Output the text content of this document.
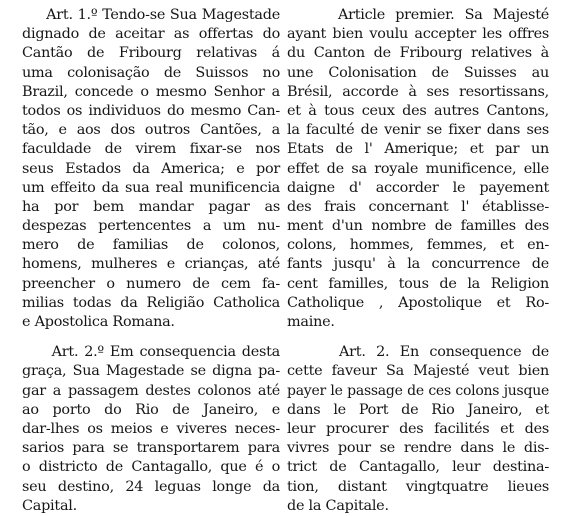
Art. 1.º Tendo-se Sua Magestade
dignado de aceitar as offertas do
Cantão de Fribourg relativas á
uma colonisação de Suissos no
Brazil, concede o mesmo Senhor a
todos os individuos do mesmo Can-
tão, e aos dos outros Cantões, a
faculdade de virem fixar-se nos
seus Estados da America; e por
um effeito da sua real munificencia
ha por bem mandar pagar as
despezas pertencentes a um nu-
mero de familias de colonos,
homens, mulheres e crianças, até
preencher o numero de cem fa-
milias todas da Religião Catholica
e Apostolica Romana.
Art. 2.º Em consequencia desta
graça, Sua Magestade se digna pa-
gar a passagem destes colonos até
ao porto do Rio de Janeiro, e
dar-lhes os meios e viveres neces-
sarios para se transportarem para
o districto de Cantagallo, que é o
seu destino, 24 leguas longe da
Capital.
Article premier. Sa Majesté
ayant bien voulu accepter les offres
du Canton de Fribourg relatives à
une Colonisation de Suisses au
Brésil, accorde à ses resortissans,
et à tous ceux des autres Cantons,
la faculté de venir se fixer dans ses
Etats de l' Amerique; et par un
effet de sa royale munificence, elle
daigne d' accorder le payement
des frais concernant l' établisse-
ment d'un nombre de familles des
colons, hommes, femmes, et en-
fants jusqu' à la concurrence de
cent familles, tous de la Religion
Catholique , Apostolique et Ro-
maine.
Art. 2. En consequence de
cette faveur Sa Majesté veut bien
payer le passage de ces colons jusque
dans le Port de Rio Janeiro, et
leur procurer des facilités et des
vivres pour se rendre dans le dis-
trict de Cantagallo, leur destina-
tion, distant vingtquatre lieues
de la Capitale.
